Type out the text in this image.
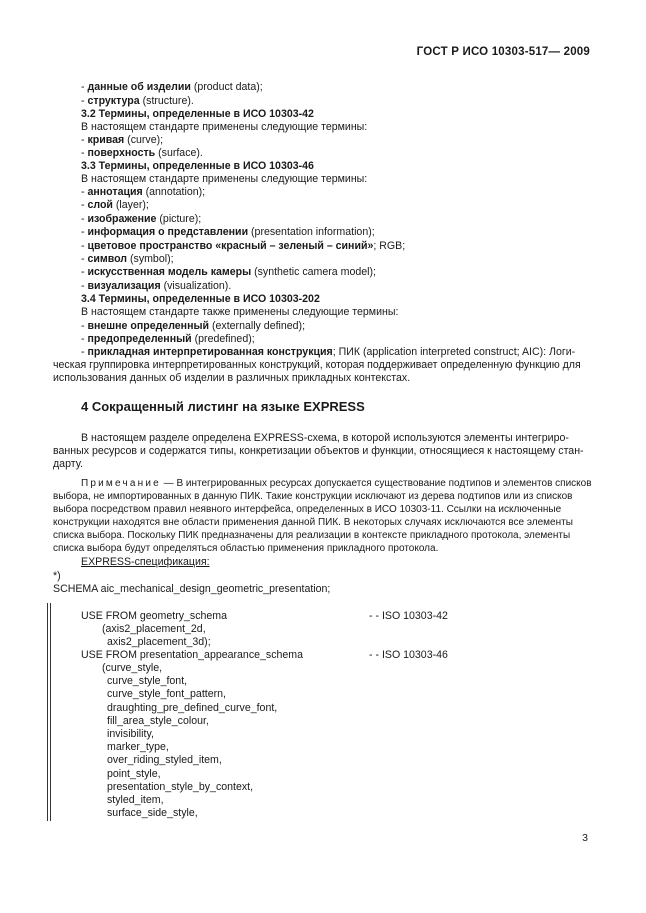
ГОСТ Р ИСО 10303-517— 2009
- данные об изделии (product data);
- структура (structure).
3.2 Термины, определенные в ИСО 10303-42
В настоящем стандарте применены следующие термины:
- кривая (curve);
- поверхность (surface).
3.3 Термины, определенные в ИСО 10303-46
В настоящем стандарте применены следующие термины:
- аннотация (annotation);
- слой (layer);
- изображение (picture);
- информация о представлении (presentation information);
- цветовое пространство «красный – зеленый – синий»; RGB;
- символ (symbol);
- искусственная модель камеры (synthetic camera model);
- визуализация (visualization).
3.4 Термины, определенные в ИСО 10303-202
В настоящем стандарте также применены следующие термины:
- внешне определенный (externally defined);
- предопределенный (predefined);
- прикладная интерпретированная конструкция; ПИК (application interpreted construct; AIC): Логи-
ческая группировка интерпретированных конструкций, которая поддерживает определенную функцию для
использования данных об изделии в различных прикладных контекстах.
4 Сокращенный листинг на языке EXPRESS
В настоящем разделе определена EXPRESS-схема, в которой используются элементы интегриро-
ванных ресурсов и содержатся типы, конкретизации объектов и функции, относящиеся к настоящему стан-
дарту.
Примечание — В интегрированных ресурсах допускается существование подтипов и элементов списков
выбора, не импортированных в данную ПИК. Такие конструкции исключают из дерева подтипов или из списков
выбора посредством правил неявного интерфейса, определенных в ИСО 10303-11. Ссылки на исключенные
конструкции находятся вне области применения данной ПИК. В некоторых случаях исключаются все элементы
списка выбора. Поскольку ПИК предназначены для реализации в контексте прикладного протокола, элементы
списка выбора будут определяться областью применения прикладного протокола.
EXPRESS-спецификация:
*)
SCHEMA aic_mechanical_design_geometric_presentation;
USE FROM geometry_schema	- - ISO 10303-42
(axis2_placement_2d,
axis2_placement_3d);
USE FROM presentation_appearance_schema	- - ISO 10303-46
(curve_style,
curve_style_font,
curve_style_font_pattern,
draughting_pre_defined_curve_font,
fill_area_style_colour,
invisibility,
marker_type,
over_riding_styled_item,
point_style,
presentation_style_by_context,
styled_item,
surface_side_style,
3
